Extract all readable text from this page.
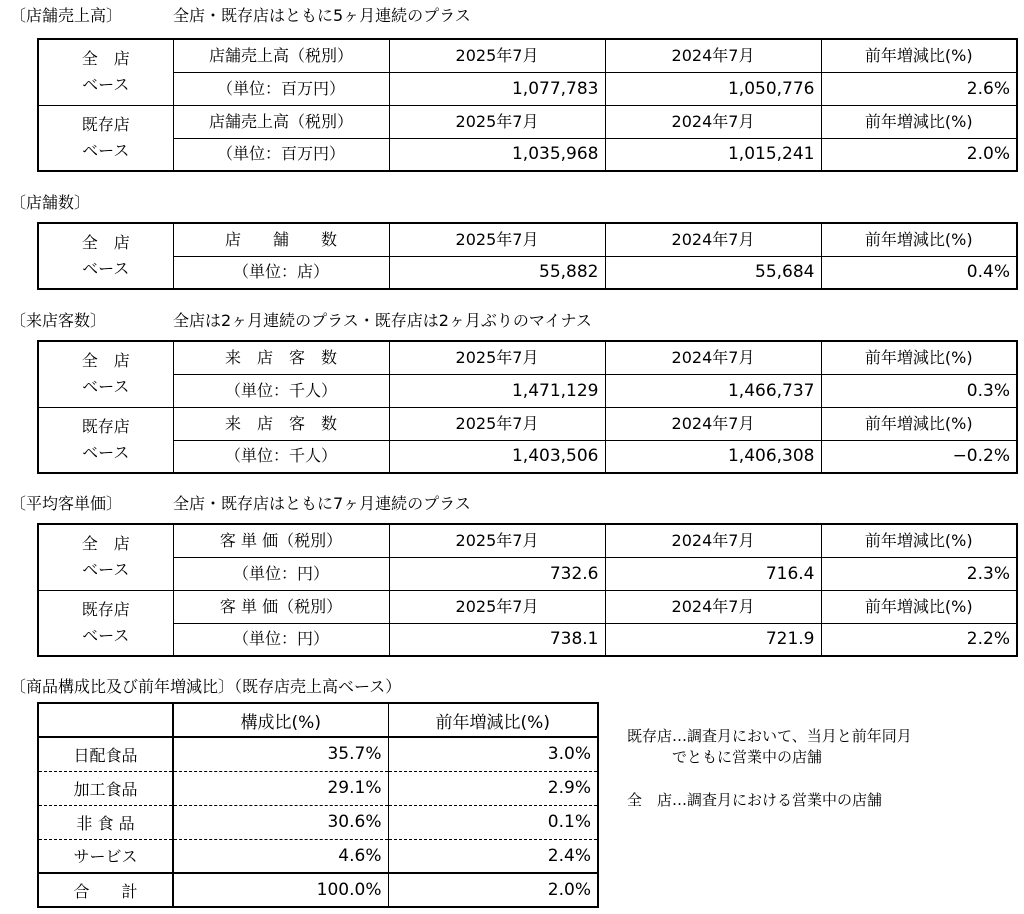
〔店舗売上高〕	全店・既存店はともに5ヶ月連続のプラス
全　店
ベース	店舗売上高（税別）	2025年7月	2024年7月	前年増減比(%)
	（単位：百万円）	1,077,783	1,050,776	2.6%

既存店
ベース	店舗売上高（税別）	2025年7月	2024年7月	前年増減比(%)
	（単位：百万円）	1,035,968	1,015,241	2.0%
〔店舗数〕
全　店
ベース	店　　舗　　数	2025年7月	2024年7月	前年増減比(%)
	（単位：店）	55,882	55,684	0.4%
〔来店客数〕	全店は2ヶ月連続のプラス・既存店は2ヶ月ぶりのマイナス
全　店
ベース	来　店　客　数	2025年7月	2024年7月	前年増減比(%)
	（単位：千人）	1,471,129	1,466,737	0.3%

既存店
ベース	来　店　客　数	2025年7月	2024年7月	前年増減比(%)
	（単位：千人）	1,403,506	1,406,308	−0.2%
〔平均客単価〕	全店・既存店はともに7ヶ月連続のプラス
全　店
ベース	客 単 価（税別）	2025年7月	2024年7月	前年増減比(%)
	（単位：円）	732.6	716.4	2.3%

既存店
ベース	客 単 価（税別）	2025年7月	2024年7月	前年増減比(%)
	（単位：円）	738.1	721.9	2.2%
〔商品構成比及び前年増減比〕（既存店売上高ベース）
	構成比(%)	前年増減比(%)
日配食品	35.7%	3.0%
加工食品	29.1%	2.9%
非 食 品	30.6%	0.1%
サービス	4.6%	2.4%
合　　計	100.0%	2.0%
既存店…調査月において、当月と前年同月
　　　でともに営業中の店舗
全　店…調査月における営業中の店舗
